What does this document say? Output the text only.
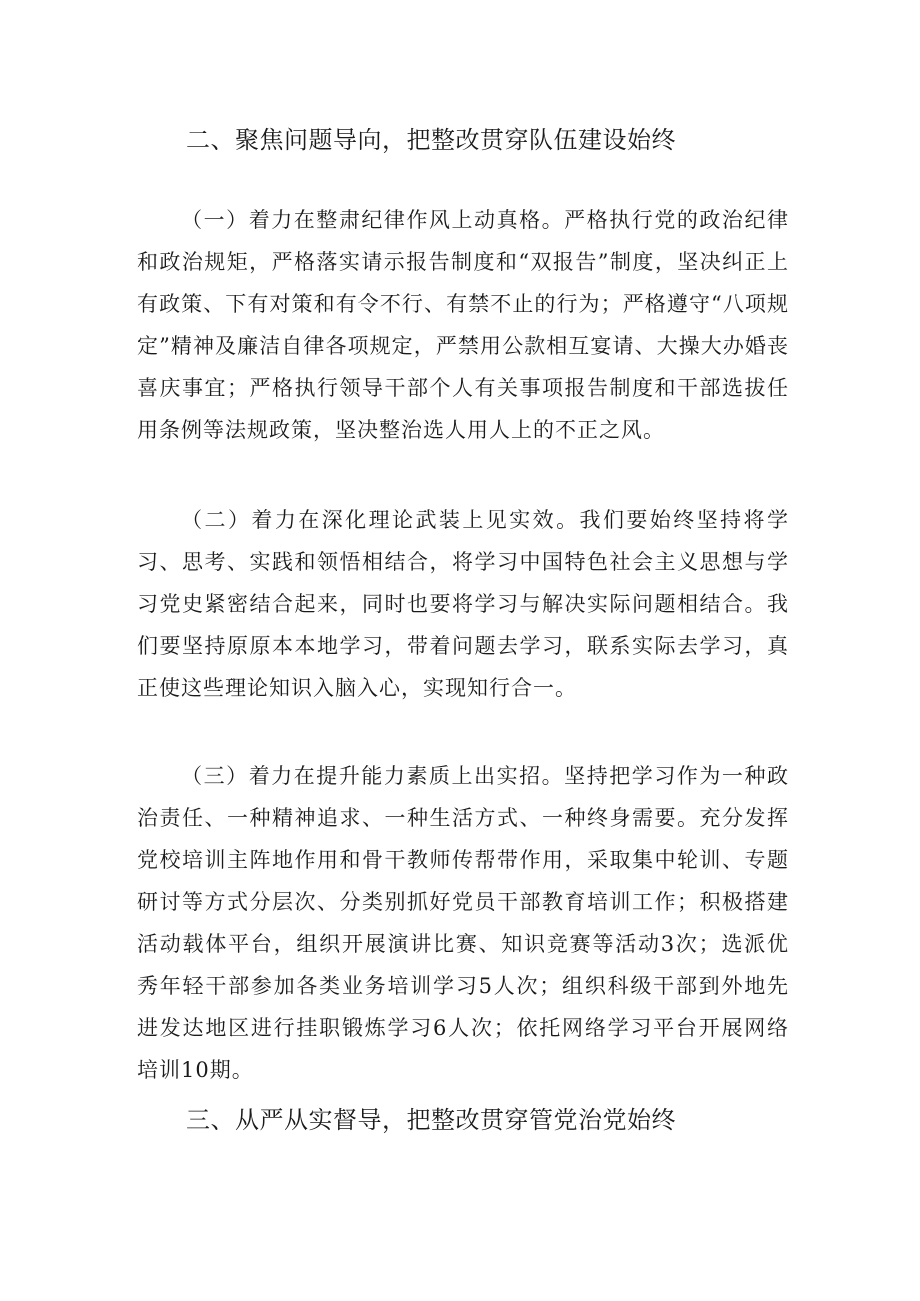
二、聚焦问题导向，把整改贯穿队伍建设始终

（一）着力在整肃纪律作风上动真格。严格执行党的政治纪律和政治规矩，严格落实请示报告制度和“双报告”制度，坚决纠正上有政策、下有对策和有令不行、有禁不止的行为；严格遵守“八项规定”精神及廉洁自律各项规定，严禁用公款相互宴请、大操大办婚丧喜庆事宜；严格执行领导干部个人有关事项报告制度和干部选拔任用条例等法规政策，坚决整治选人用人上的不正之风。

（二）着力在深化理论武装上见实效。我们要始终坚持将学习、思考、实践和领悟相结合，将学习中国特色社会主义思想与学习党史紧密结合起来，同时也要将学习与解决实际问题相结合。我们要坚持原原本本地学习，带着问题去学习，联系实际去学习，真正使这些理论知识入脑入心，实现知行合一。

（三）着力在提升能力素质上出实招。坚持把学习作为一种政治责任、一种精神追求、一种生活方式、一种终身需要。充分发挥党校培训主阵地作用和骨干教师传帮带作用，采取集中轮训、专题研讨等方式分层次、分类别抓好党员干部教育培训工作；积极搭建活动载体平台，组织开展演讲比赛、知识竞赛等活动3次；选派优秀年轻干部参加各类业务培训学习5人次；组织科级干部到外地先进发达地区进行挂职锻炼学习6人次；依托网络学习平台开展网络培训10期。

三、从严从实督导，把整改贯穿管党治党始终
